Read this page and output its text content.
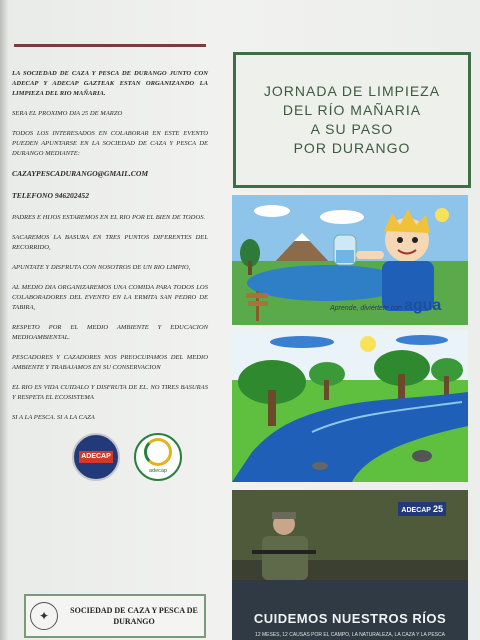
LA SOCIEDAD DE CAZA Y PESCA DE DURANGO JUNTO CON ADECAP Y ADECAP GAZTEAK ESTAN ORGANIZANDO LA LIMPIEZA DEL RIO MAÑARIA.

SERA EL PROXIMO DIA 25 DE MARZO

TODOS LOS INTERESADOS EN COLABORAR EN ESTE EVENTO PUEDEN APUNTARSE EN LA SOCIEDAD DE CAZA Y PESCA DE DURANGO MEDIANTE:

CAZAYPESCADURANGO@GMAIL.COM

TELEFONO 946202452

PADRES E HIJOS ESTAREMOS EN EL RIO POR EL BIEN DE TODOS.

SACAREMOS LA BASURA EN TRES PUNTOS DIFERENTES DEL RECORRIDO,

APUNTATE Y DISFRUTA CON NOSOTROS DE UN RIO LIMPIO,

AL MEDIO DIA ORGANIZAREMOS UNA COMIDA PARA TODOS LOS COLABORADORES DEL EVENTO EN LA ERMITA SAN PEDRO DE TABIRA,

RESPETO POR EL MEDIO AMBIENTE Y EDUCACION MEDIOAMBIENTAL.

PESCADORES Y CAZADORES NOS PREOCUPAMOS DEL MEDIO AMBIENTE Y TRABAJAMOS EN SU CONSERVACION

EL RIO ES VIDA CUIDALO Y DISFRUTA DE EL. NO TIRES BASURAS Y RESPETA EL ECOSISTEMA

SI A LA PESCA. SI A LA CAZA

ADECAP
adecap
✦	SOCIEDAD DE CAZA Y PESCA DE
DURANGO
JORNADA DE LIMPIEZA
DEL RÍO MAÑARIA
A SU PASO
POR DURANGO
Aprende, diviértete con agua
ADECAP 25
CUIDEMOS NUESTROS RÍOS
12 MESES, 12 CAUSAS POR EL CAMPO, LA NATURALEZA, LA CAZA Y LA PESCA
